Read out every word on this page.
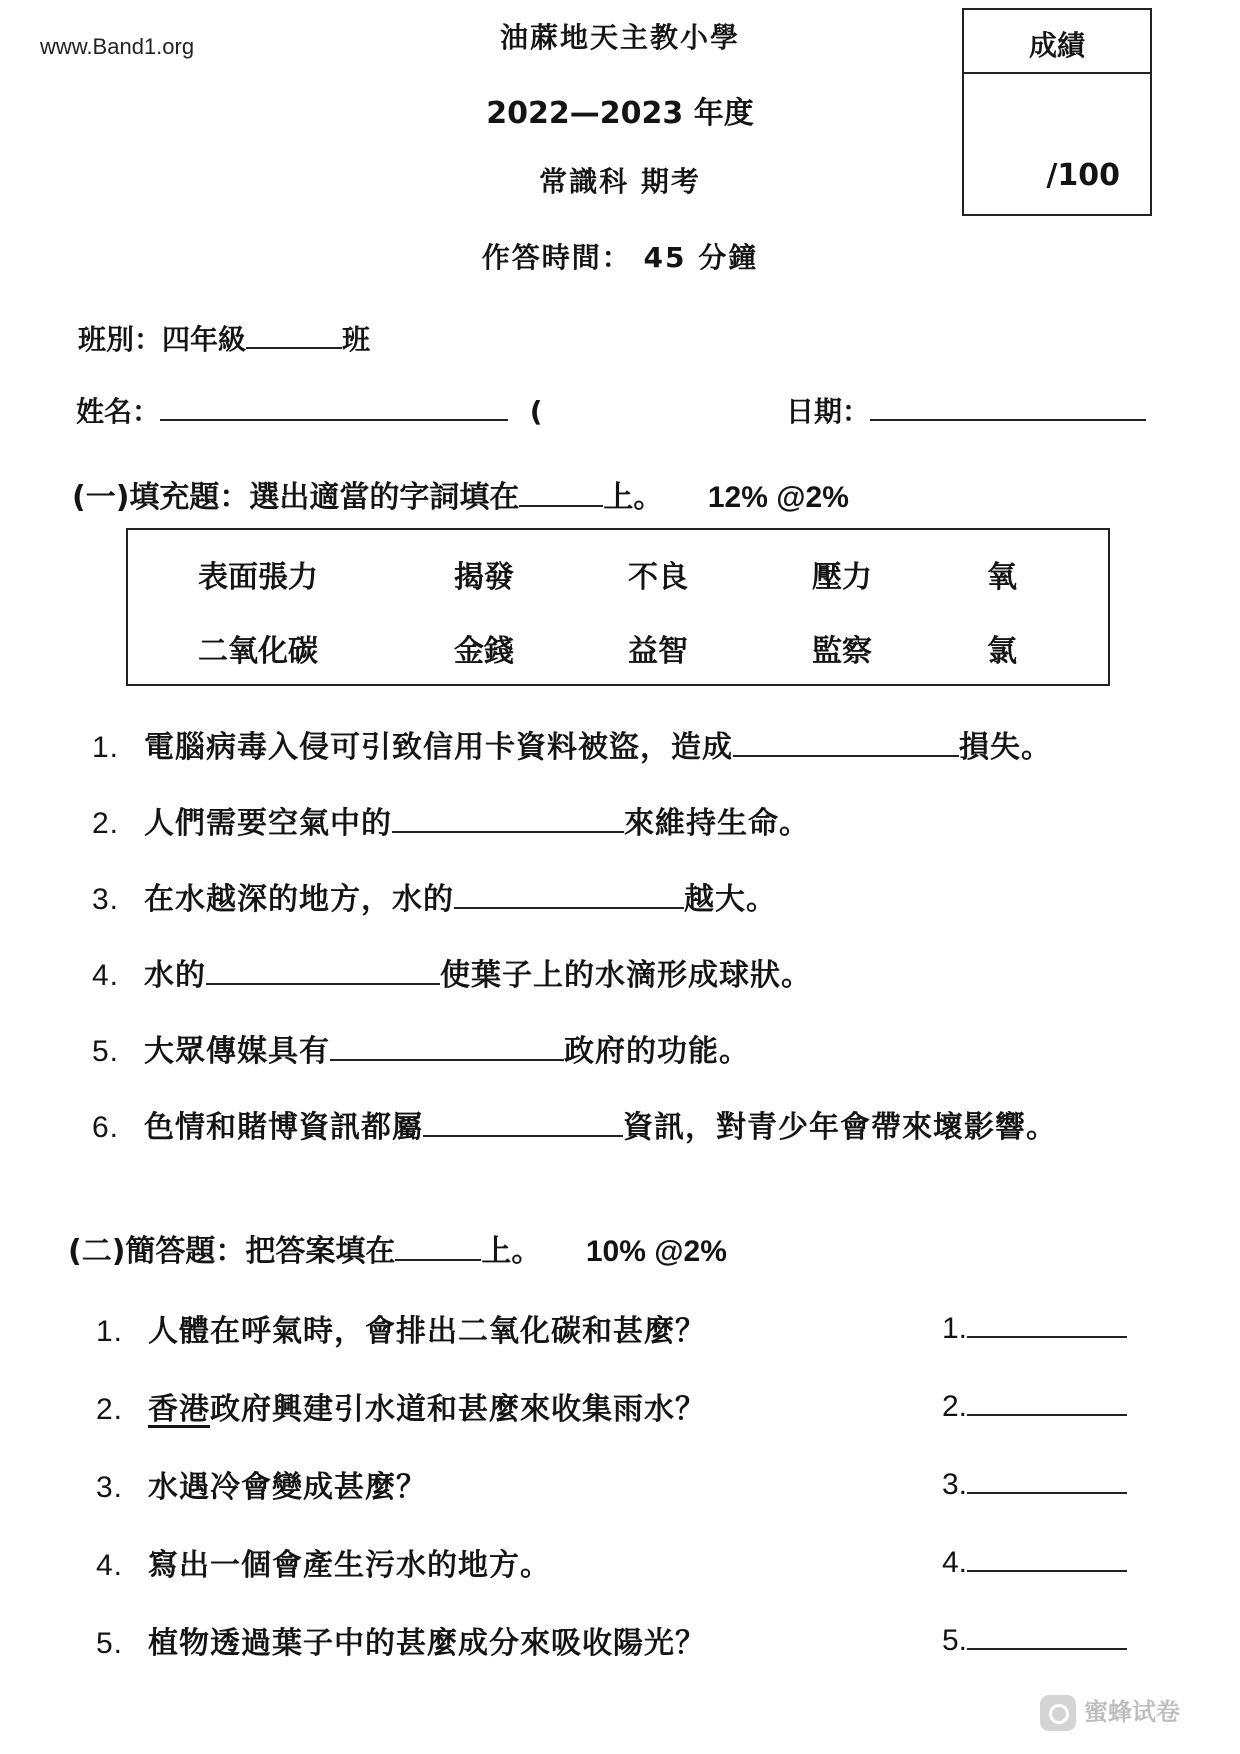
www.Band1.org	油蔴地天主教小學
2022—2023 年度
常識科 期考
作答時間： 45 分鐘
成績
/100
班別：四年級	班
姓名：	(	日期：
(一)填充題：選出適當的字詞填在	上。 12% @2%
表面張力	揭發	不良	壓力	氧
二氧化碳	金錢	益智	監察	氯
1. 電腦病毒入侵可引致信用卡資料被盜，造成	損失。
2. 人們需要空氣中的	來維持生命。
3. 在水越深的地方，水的	越大。
4. 水的	使葉子上的水滴形成球狀。
5. 大眾傳媒具有	政府的功能。
6. 色情和賭博資訊都屬	資訊，對青少年會帶來壞影響。
(二)簡答題：把答案填在	上。 10% @2%
1. 人體在呼氣時，會排出二氧化碳和甚麼？	1.
2. 香港政府興建引水道和甚麼來收集雨水？	2.
3. 水遇冷會變成甚麼？	3.
4. 寫出一個會產生污水的地方。	4.
5. 植物透過葉子中的甚麼成分來吸收陽光？	5.
蜜蜂试卷
